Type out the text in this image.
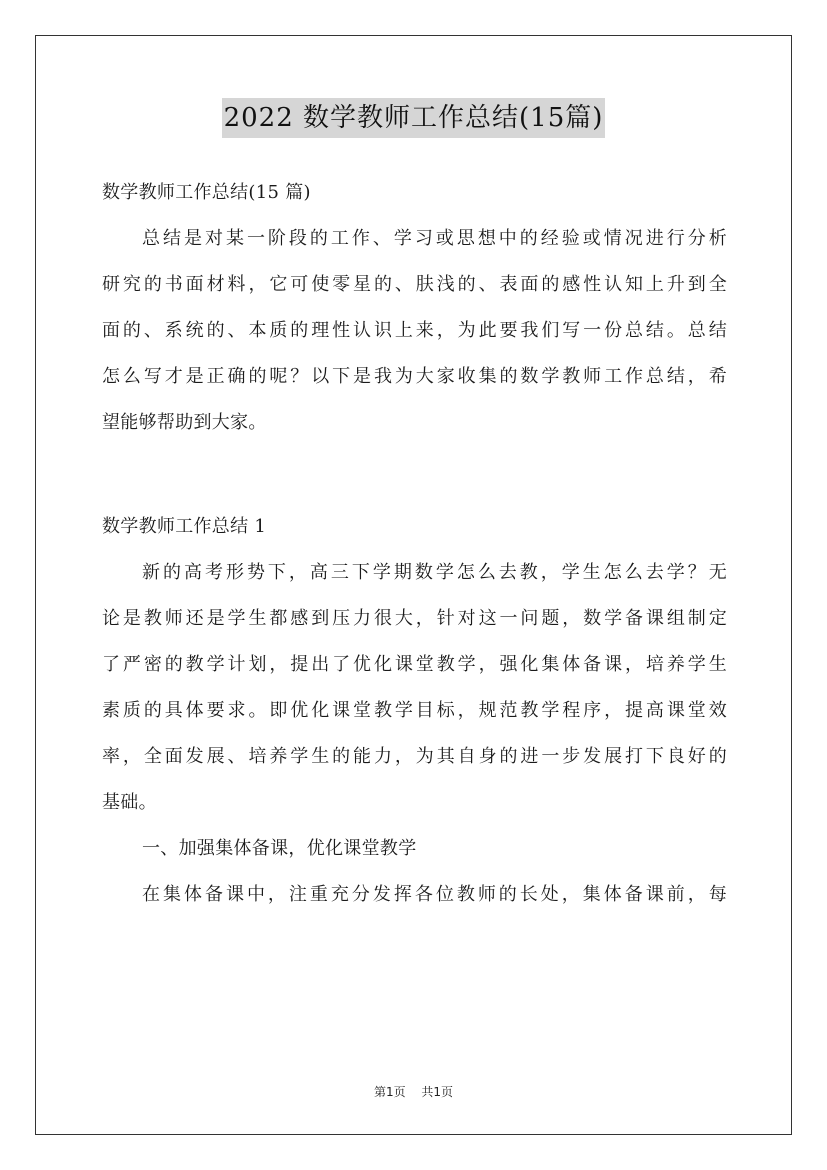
2022 数学教师工作总结(15篇)
数学教师工作总结(15 篇)
总结是对某一阶段的工作、学习或思想中的经验或情况进行分析
研究的书面材料，它可使零星的、肤浅的、表面的感性认知上升到全
面的、系统的、本质的理性认识上来，为此要我们写一份总结。总结
怎么写才是正确的呢？以下是我为大家收集的数学教师工作总结，希
望能够帮助到大家。
数学教师工作总结 1
新的高考形势下，高三下学期数学怎么去教，学生怎么去学？无
论是教师还是学生都感到压力很大，针对这一问题，数学备课组制定
了严密的教学计划，提出了优化课堂教学，强化集体备课，培养学生
素质的具体要求。即优化课堂教学目标，规范教学程序，提高课堂效
率，全面发展、培养学生的能力，为其自身的进一步发展打下良好的
基础。
一、加强集体备课，优化课堂教学
在集体备课中，注重充分发挥各位教师的长处，集体备课前，每
第1页 共1页
